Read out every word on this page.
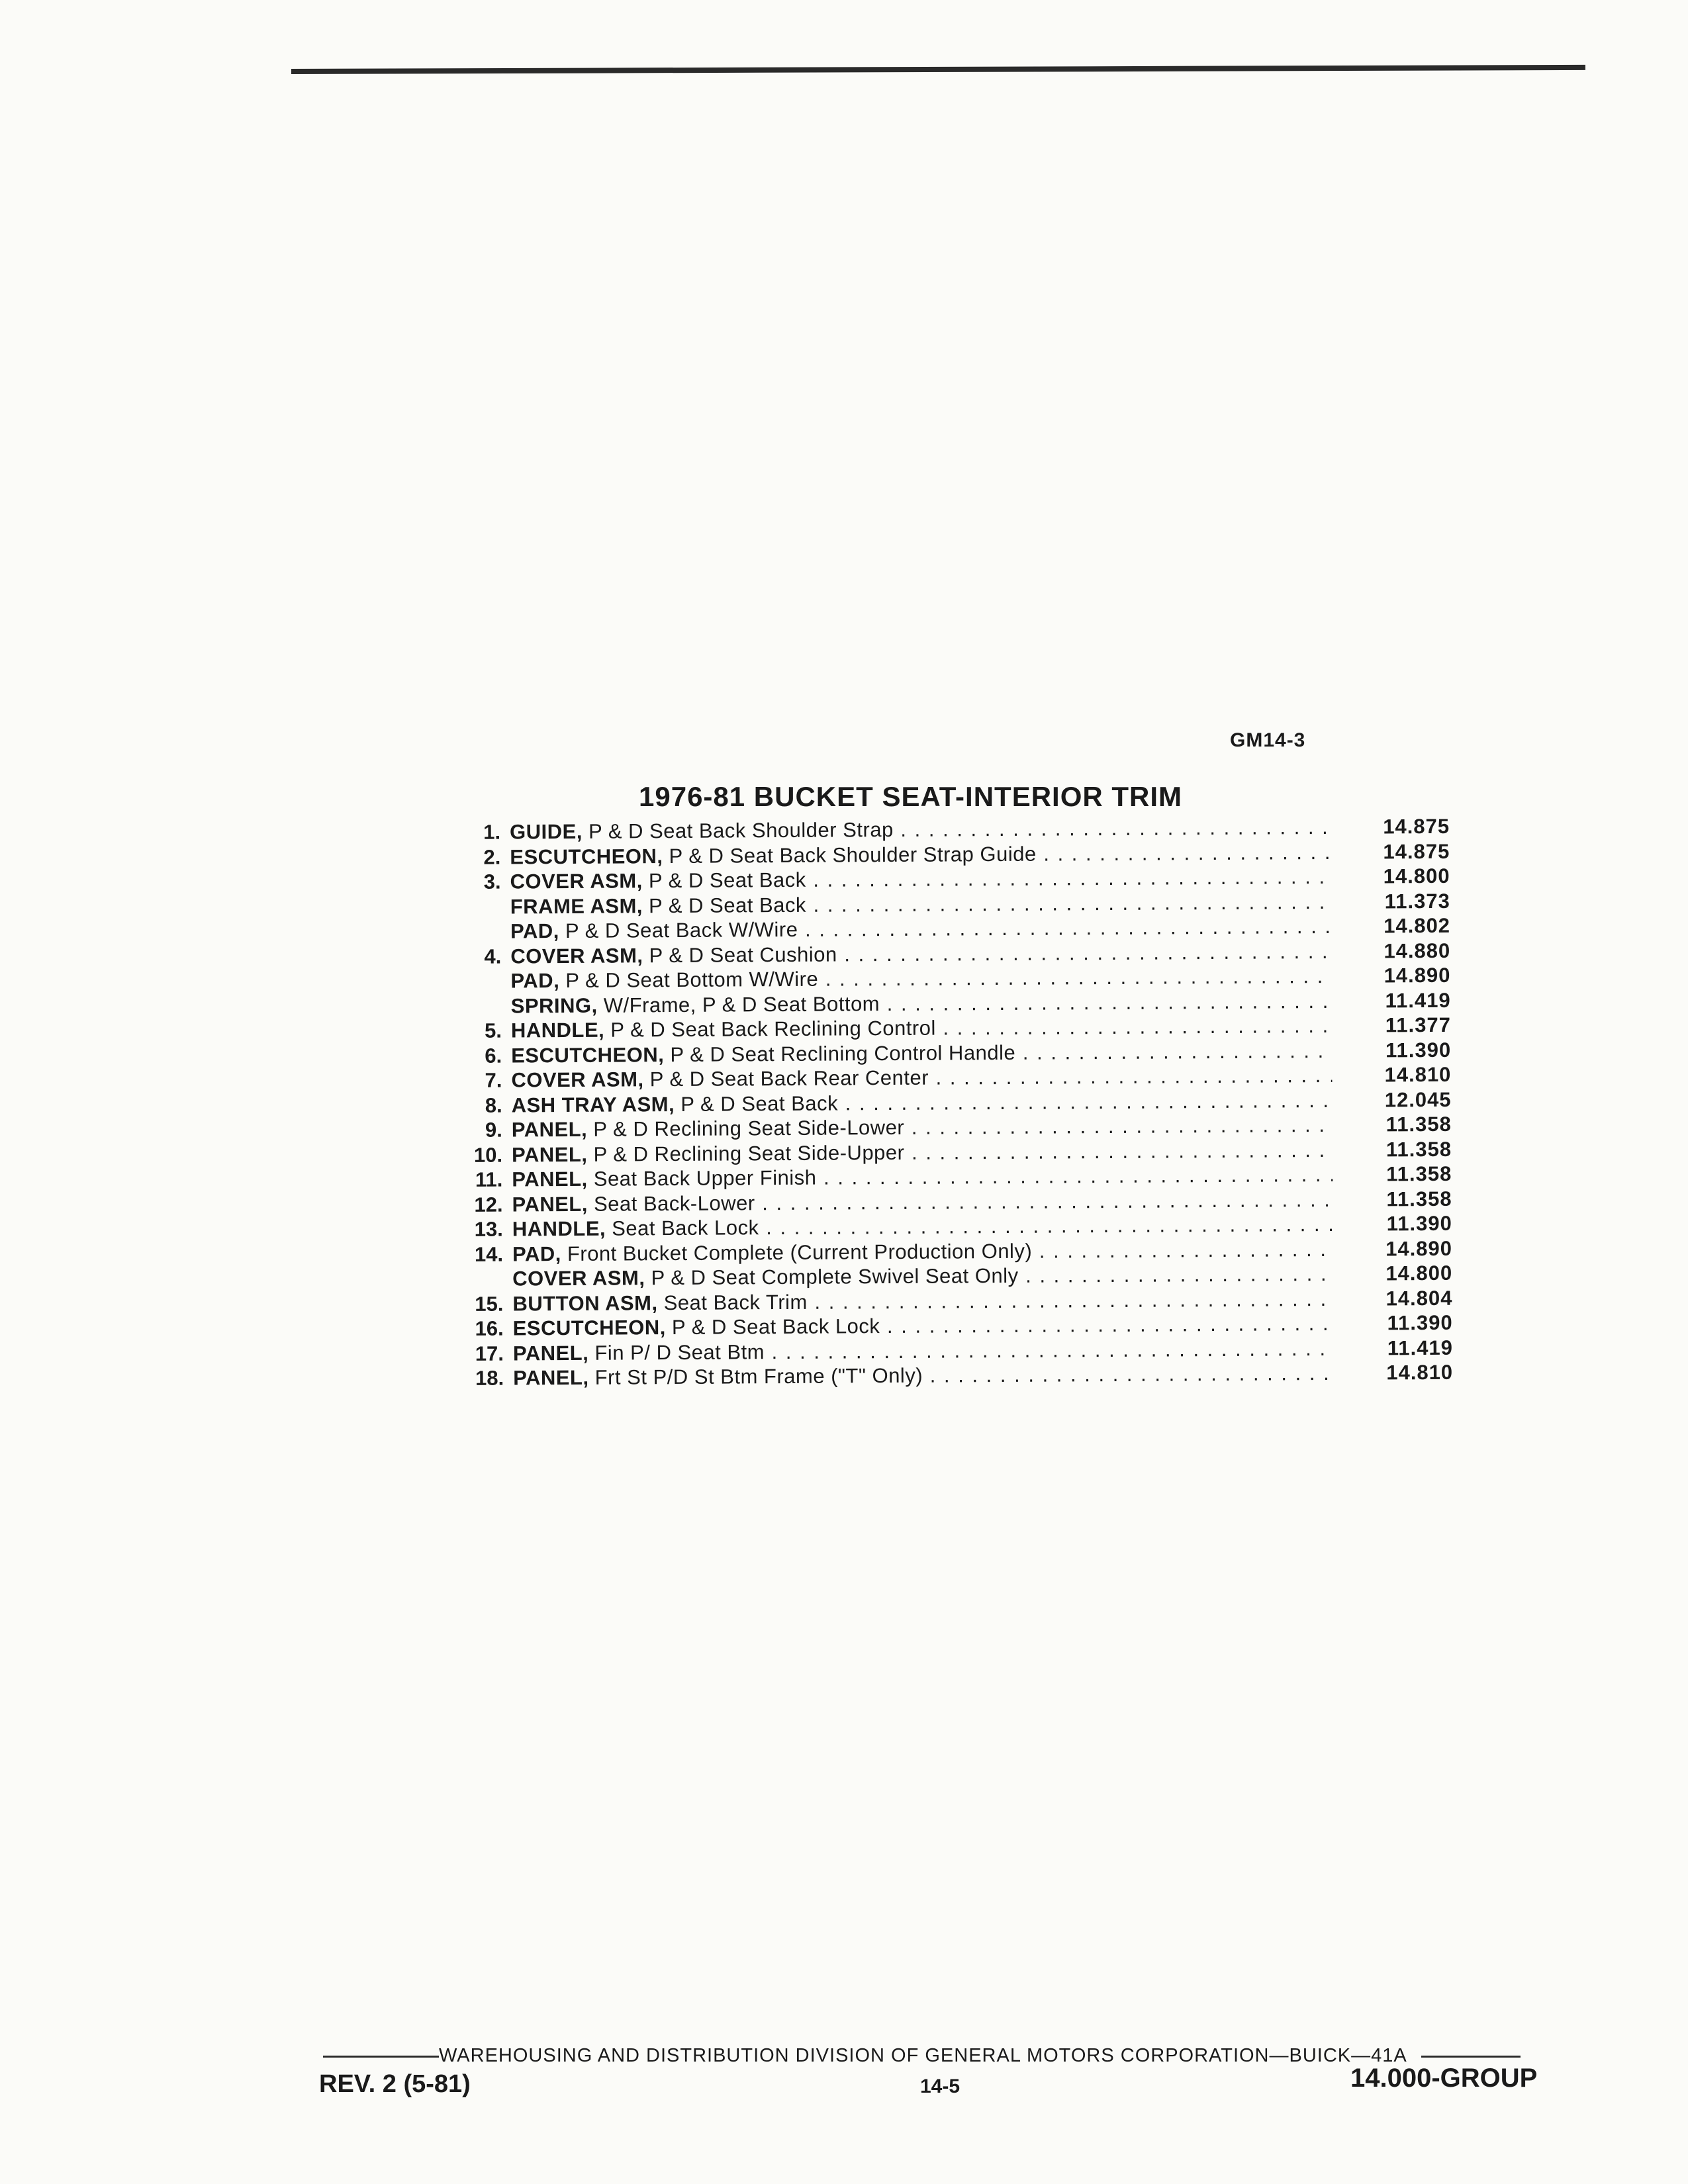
GM14-3
1976-81 BUCKET SEAT-INTERIOR TRIM
1. GUIDE, P & D Seat Back Shoulder Strap . . .	14.875
2. ESCUTCHEON, P & D Seat Back Shoulder Strap Guide . . .	14.875
3. COVER ASM, P & D Seat Back . . .	14.800
FRAME ASM, P & D Seat Back . . .	11.373
PAD, P & D Seat Back W/Wire . . .	14.802
4. COVER ASM, P & D Seat Cushion . . .	14.880
PAD, P & D Seat Bottom W/Wire . . .	14.890
SPRING, W/Frame, P & D Seat Bottom . . .	11.419
5. HANDLE, P & D Seat Back Reclining Control . . .	11.377
6. ESCUTCHEON, P & D Seat Reclining Control Handle . . .	11.390
7. COVER ASM, P & D Seat Back Rear Center . . .	14.810
8. ASH TRAY ASM, P & D Seat Back . . .	12.045
9. PANEL, P & D Reclining Seat Side-Lower . . .	11.358
10. PANEL, P & D Reclining Seat Side-Upper . . .	11.358
11. PANEL, Seat Back Upper Finish . . .	11.358
12. PANEL, Seat Back-Lower . . .	11.358
13. HANDLE, Seat Back Lock . . .	11.390
14. PAD, Front Bucket Complete (Current Production Only) . . .	14.890
COVER ASM, P & D Seat Complete Swivel Seat Only . . .	14.800
15. BUTTON ASM, Seat Back Trim . . .	14.804
16. ESCUTCHEON, P & D Seat Back Lock . . .	11.390
17. PANEL, Fin P/ D Seat Btm . . .	11.419
18. PANEL, Frt St P/D St Btm Frame ("T" Only) . . .	14.810
WAREHOUSING AND DISTRIBUTION DIVISION OF GENERAL MOTORS CORPORATION—BUICK—41A
REV. 2 (5-81)	14-5	14.000-GROUP
